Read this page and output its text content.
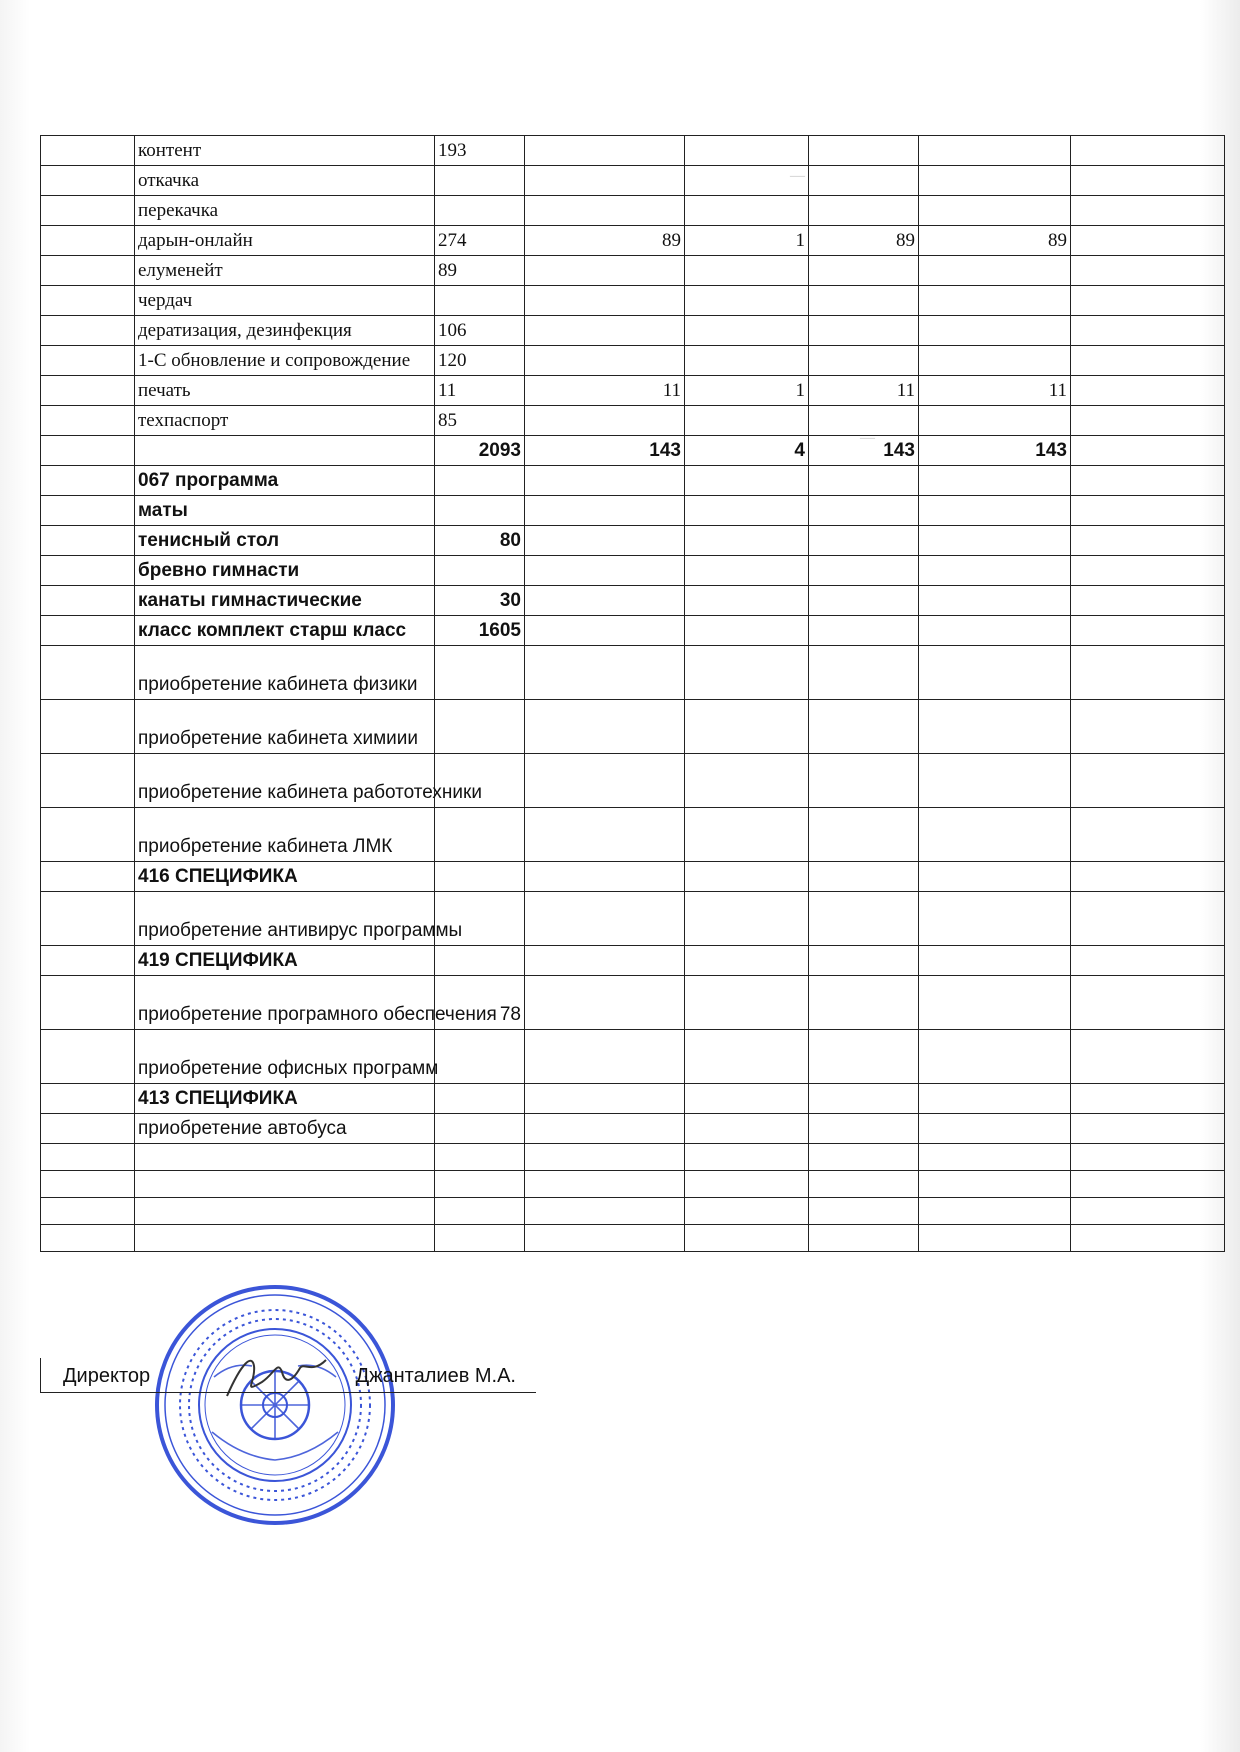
—
—
	контент	193					
	откачка						
	перекачка						
	дарын-онлайн	274	89	1	89	89	
	елуменейт	89					
	чердач						
	дератизация, дезинфекция	106					
	1-С обновление и сопровождение	120					
	печать	11	11	1	11	11	
	техпаспорт	85					
		2093	143	4	143	143	
	067 программа						
	маты						
	тенисный стол	80					
	бревно гимнасти						
	канаты гимнастические	30					
	класс комплект старш класс	1605					
	приобретение кабинета физики						
	приобретение кабинета химиии						
	приобретение кабинета работотехники						
	приобретение кабинета ЛМК						
	416 СПЕЦИФИКА						
	приобретение антивирус программы						
	419 СПЕЦИФИКА						
	приобретение програмного обеспечения	78					
	приобретение офисных программ						
	413 СПЕЦИФИКА						
	приобретение автобуса						

Директор	Джанталиев М.А.
